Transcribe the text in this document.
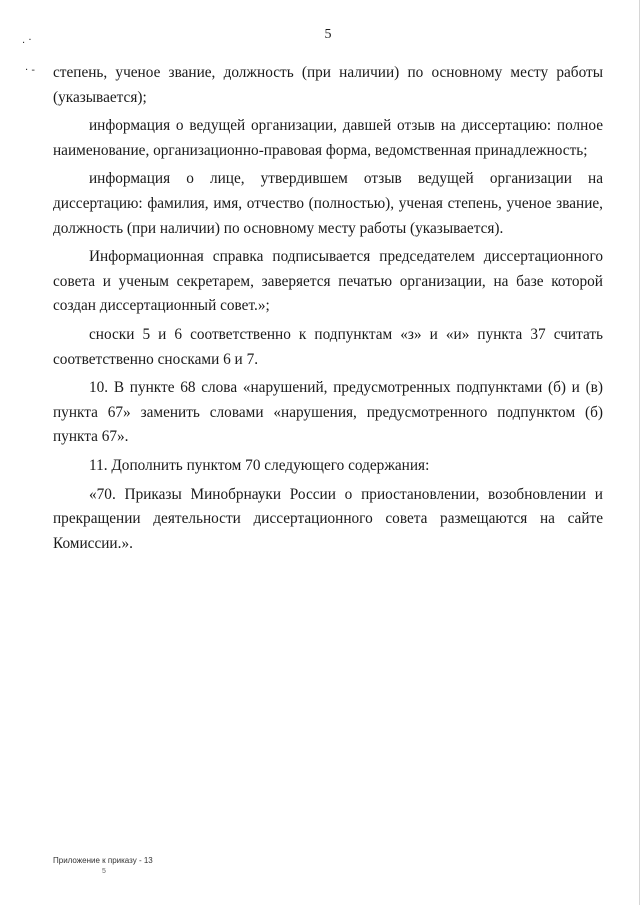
. ·
· -
5

степень, ученое звание, должность (при наличии) по основному месту работы (указывается);

информация о ведущей организации, давшей отзыв на диссертацию: полное наименование, организационно-правовая форма, ведомственная принадлежность;

информация о лице, утвердившем отзыв ведущей организации на диссертацию: фамилия, имя, отчество (полностью), ученая степень, ученое звание, должность (при наличии) по основному месту работы (указывается).

Информационная справка подписывается председателем диссертационного совета и ученым секретарем, заверяется печатью организации, на базе которой создан диссертационный совет.»;

сноски 5 и 6 соответственно к подпунктам «з» и «и» пункта 37 считать соответственно сносками 6 и 7.

10. В пункте 68 слова «нарушений, предусмотренных подпунктами (б) и (в) пункта 67» заменить словами «нарушения, предусмотренного подпунктом (б) пункта 67».

11. Дополнить пунктом 70 следующего содержания:

«70. Приказы Минобрнауки России о приостановлении, возобновлении и прекращении деятельности диссертационного совета размещаются на сайте Комиссии.».

Приложение к приказу - 13
5
